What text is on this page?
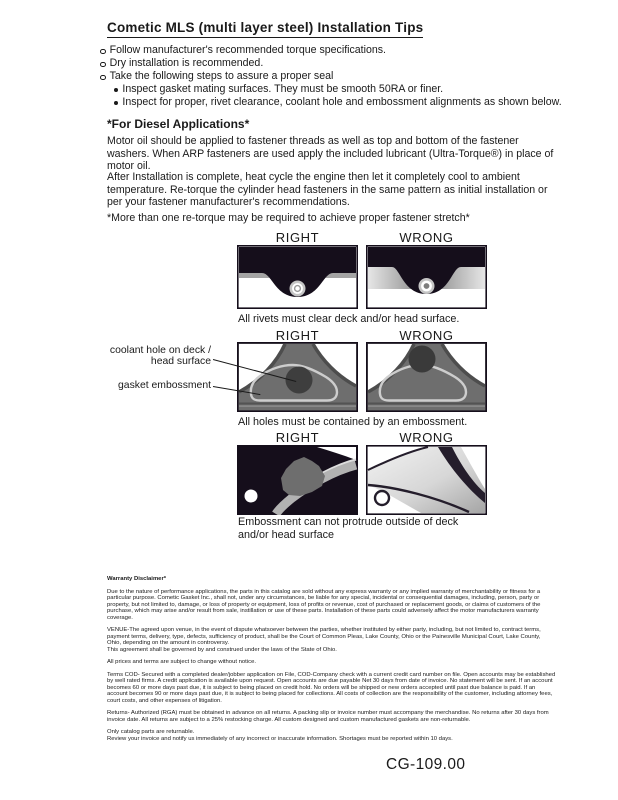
Cometic MLS (multi layer steel) Installation Tips
Follow manufacturer's recommended torque specifications.
Dry installation is recommended.
Take the following steps to assure a proper seal
Inspect gasket mating surfaces. They must be smooth 50RA or finer.
Inspect for proper, rivet clearance, coolant hole and embossment alignments as shown below.
*For Diesel Applications*
Motor oil should be applied to fastener threads as well as top and bottom of the fastener washers. When ARP fasteners are used apply the included lubricant (Ultra-Torque®) in place of motor oil.
After Installation is complete, heat cycle the engine then let it completely cool to ambient temperature. Re-torque the cylinder head fasteners in the same pattern as initial installation or per your fastener manufacturer's recommendations.
*More than one re-torque may be required to achieve proper fastener stretch*
RIGHT	WRONG
All rivets must clear deck and/or head surface.
RIGHT	WRONG
coolant hole on deck / head surface
gasket embossment
All holes must be contained by an embossment.
RIGHT	WRONG
Embossment can not protrude outside of deck and/or head surface

Warranty Disclaimer*

Due to the nature of performance applications, the parts in this catalog are sold without any express warranty or any implied warranty of merchantability or fitness for a particular purpose. Cometic Gasket Inc., shall not, under any circumstances, be liable for any special, incidental or consequential damages, including, person, party or property, but not limited to, damage, or loss of property or equipment, loss of profits or revenue, cost of purchased or replacement goods, or claims of customers of the purchase, which may arise and/or result from sale, instillation or use of these parts. Installation of these parts could adversely affect the motor manufacturers warranty coverage.

VENUE-The agreed upon venue, in the event of dispute whatsoever between the parties, whether instituted by either party, including, but not limited to, contract terms, payment terms, delivery, type, defects, sufficiency of product, shall be the Court of Common Pleas, Lake County, Ohio or the Painesville Municipal Court, Lake County, Ohio, depending on the amount in controversy.

This agreement shall be governed by and construed under the laws of the State of Ohio.

All prices and terms are subject to change without notice.

Terms COD- Secured with a completed dealer/jobber application on File, COD-Company check with a current credit card number on file. Open accounts may be established by well rated firms. A credit application is available upon request. Open accounts are due payable Net 30 days from date of invoice. No statement will be sent. If an account becomes 60 or more days past due, it is subject to being placed on credit hold. No orders will be shipped or new orders accepted until past due balance is paid. If an account becomes 90 or more days past due, it is subject to being placed for collections. All costs of collection are the responsibility of the customer, including attorney fees, court costs, and other expenses of litigation.

Returns- Authorized (RGA) must be obtained in advance on all returns. A packing slip or invoice number must accompany the merchandise. No returns after 30 days from invoice date. All returns are subject to a 25% restocking charge. All custom designed and custom manufactured gaskets are non-returnable.

Only catalog parts are returnable.

Review your invoice and notify us immediately of any incorrect or inaccurate information. Shortages must be reported within 10 days.

CG-109.00
